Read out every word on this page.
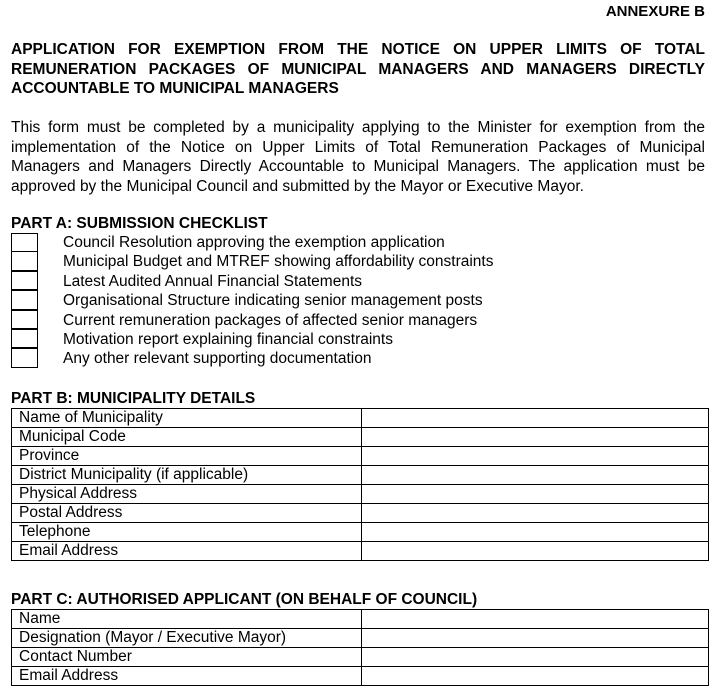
ANNEXURE B
APPLICATION FOR EXEMPTION FROM THE NOTICE ON UPPER LIMITS OF TOTAL REMUNERATION PACKAGES OF MUNICIPAL MANAGERS AND MANAGERS DIRECTLY ACCOUNTABLE TO MUNICIPAL MANAGERS
This form must be completed by a municipality applying to the Minister for exemption from the implementation of the Notice on Upper Limits of Total Remuneration Packages of Municipal Managers and Managers Directly Accountable to Municipal Managers. The application must be approved by the Municipal Council and submitted by the Mayor or Executive Mayor.
PART A: SUBMISSION CHECKLIST
Council Resolution approving the exemption application
Municipal Budget and MTREF showing affordability constraints
Latest Audited Annual Financial Statements
Organisational Structure indicating senior management posts
Current remuneration packages of affected senior managers
Motivation report explaining financial constraints
Any other relevant supporting documentation
PART B: MUNICIPALITY DETAILS
Name of Municipality	
Municipal Code	
Province	
District Municipality (if applicable)	
Physical Address	
Postal Address	
Telephone	
Email Address	
PART C: AUTHORISED APPLICANT (ON BEHALF OF COUNCIL)
Name	
Designation (Mayor / Executive Mayor)	
Contact Number	
Email Address	
